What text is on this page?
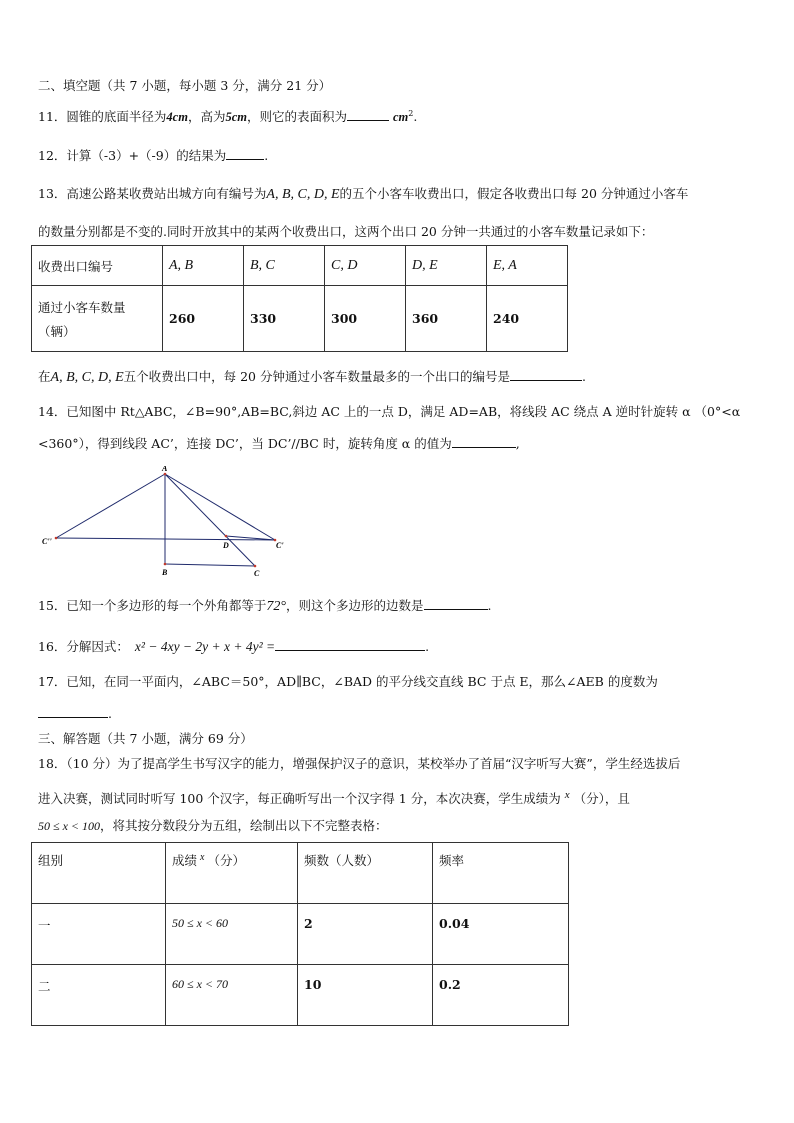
二、填空题（共 7 小题，每小题 3 分，满分 21 分）
11．圆锥的底面半径为4cm，高为5cm，则它的表面积为	$cm^2$.
12．计算（-3）+（-9）的结果为	.
13．高速公路某收费站出城方向有编号为A, B, C, D, E的五个小客车收费出口，假定各收费出口每 20 分钟通过小客车
的数量分别都是不变的.同时开放其中的某两个收费出口，这两个出口 20 分钟一共通过的小客车数量记录如下：
收费出口编号	A, B	B, C	C, D	D, E	E, A

通过小客车数量
（辆）	260	330	300	360	240
在A, B, C, D, E五个收费出口中，每 20 分钟通过小客车数量最多的一个出口的编号是	.
14．已知图中 Rt△ABC，∠B=90°,AB=BC,斜边 AC 上的一点 D，满足 AD=AB，将线段 AC 绕点 A 逆时针旋转 α （0°<α
<360°），得到线段 AC’，连接 DC’，当 DC’//BC 时，旋转角度 α 的值为	,
A
C''	C'
B	C
D
15．已知一个多边形的每一个外角都等于72°，则这个多边形的边数是	.
16．分解因式： x² − 4xy − 2y + x + 4y² =	.
17．已知，在同一平面内，∠ABC＝50°，AD∥BC，∠BAD 的平分线交直线 BC 于点 E，那么∠AEB 的度数为
.
三、解答题（共 7 小题，满分 69 分）
18．（10 分）为了提高学生书写汉字的能力，增强保护汉子的意识，某校举办了首届“汉字听写大赛”，学生经选拔后
进入决赛，测试同时听写 100 个汉字，每正确听写出一个汉字得 1 分，本次决赛，学生成绩为 x （分），且
50 ≤ x < 100，将其按分数段分为五组，绘制出以下不完整表格：
组别	成绩 $^x$ （分）	频数（人数）	频率
一	50 ≤ x < 60	2	0.04
二	60 ≤ x < 70	10	0.2
